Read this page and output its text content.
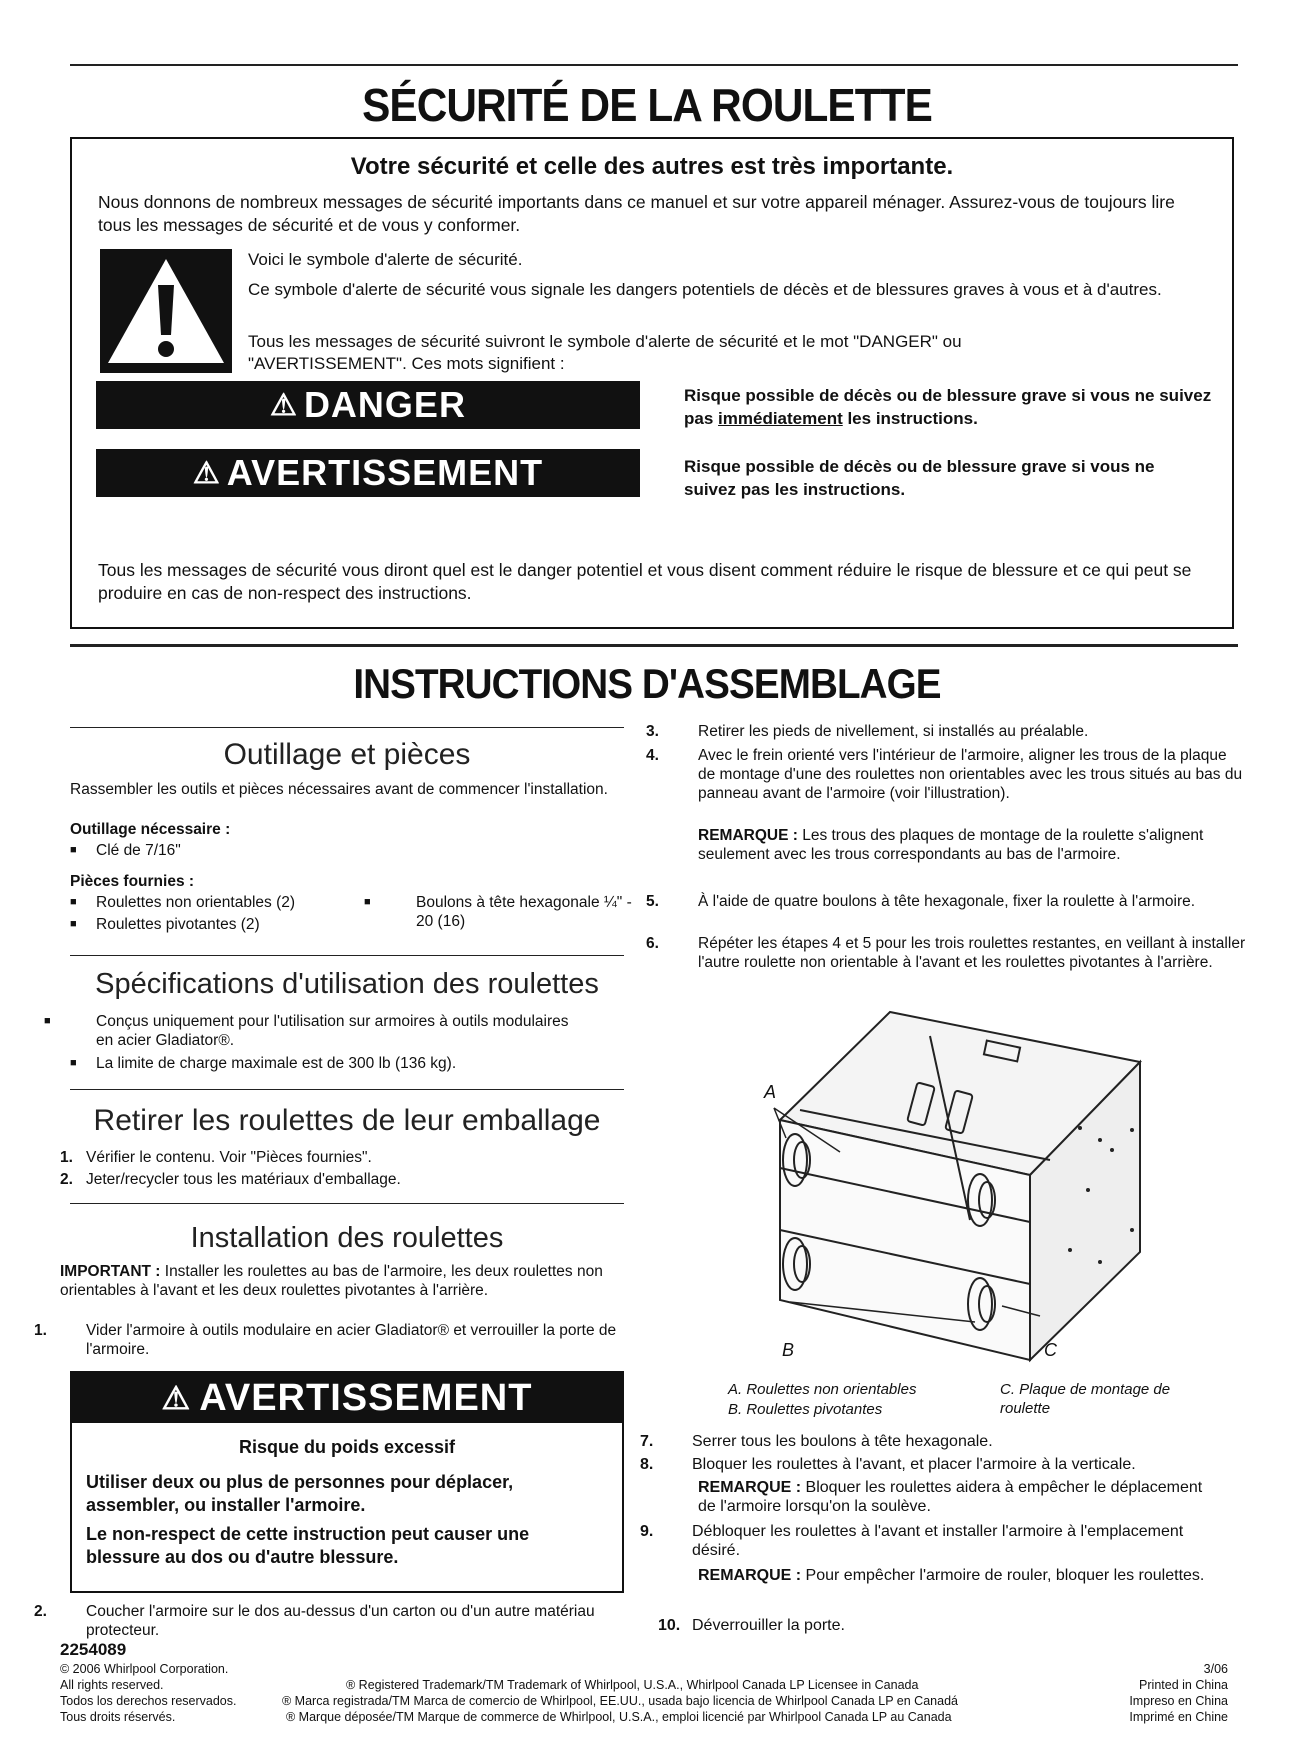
SÉCURITÉ DE LA ROULETTE
Votre sécurité et celle des autres est très importante.
Nous donnons de nombreux messages de sécurité importants dans ce manuel et sur votre appareil ménager. Assurez-vous de toujours lire tous les messages de sécurité et de vous y conformer.
Voici le symbole d'alerte de sécurité.
Ce symbole d'alerte de sécurité vous signale les dangers potentiels de décès et de blessures graves à vous et à d'autres.
Tous les messages de sécurité suivront le symbole d'alerte de sécurité et le mot "DANGER" ou "AVERTISSEMENT". Ces mots signifient :
⚠ DANGER	Risque possible de décès ou de blessure grave si vous ne suivez pas immédiatement les instructions.
⚠ AVERTISSEMENT	Risque possible de décès ou de blessure grave si vous ne suivez pas les instructions.
Tous les messages de sécurité vous diront quel est le danger potentiel et vous disent comment réduire le risque de blessure et ce qui peut se produire en cas de non-respect des instructions.
INSTRUCTIONS D'ASSEMBLAGE
Outillage et pièces
Rassembler les outils et pièces nécessaires avant de commencer l'installation.
Outillage nécessaire :
■ Clé de 7/16"
Pièces fournies :
■ Roulettes non orientables (2)
■ Roulettes pivotantes (2)
■ Boulons à tête hexagonale ¼" - 20 (16)
Spécifications d'utilisation des roulettes
■ Conçus uniquement pour l'utilisation sur armoires à outils modulaires en acier Gladiator®.
■ La limite de charge maximale est de 300 lb (136 kg).
Retirer les roulettes de leur emballage
1. Vérifier le contenu. Voir "Pièces fournies".
2. Jeter/recycler tous les matériaux d'emballage.
Installation des roulettes
IMPORTANT : Installer les roulettes au bas de l'armoire, les deux roulettes non orientables à l'avant et les deux roulettes pivotantes à l'arrière.
1.	Vider l'armoire à outils modulaire en acier Gladiator® et verrouiller la porte de l'armoire.
⚠ AVERTISSEMENT
Risque du poids excessif
Utiliser deux ou plus de personnes pour déplacer, assembler, ou installer l'armoire.
Le non-respect de cette instruction peut causer une blessure au dos ou d'autre blessure.
2.	Coucher l'armoire sur le dos au-dessus d'un carton ou d'un autre matériau protecteur.
3.	Retirer les pieds de nivellement, si installés au préalable.
4.	Avec le frein orienté vers l'intérieur de l'armoire, aligner les trous de la plaque de montage d'une des roulettes non orientables avec les trous situés au bas du panneau avant de l'armoire (voir l'illustration).
REMARQUE : Les trous des plaques de montage de la roulette s'alignent seulement avec les trous correspondants au bas de l'armoire.
5.	À l'aide de quatre boulons à tête hexagonale, fixer la roulette à l'armoire.
6.	Répéter les étapes 4 et 5 pour les trois roulettes restantes, en veillant à installer l'autre roulette non orientable à l'avant et les roulettes pivotantes à l'arrière.
A
B	C
A. Roulettes non orientables
B. Roulettes pivotantes
C. Plaque de montage de roulette
7. Serrer tous les boulons à tête hexagonale.
8. Bloquer les roulettes à l'avant, et placer l'armoire à la verticale.
REMARQUE : Bloquer les roulettes aidera à empêcher le déplacement de l'armoire lorsqu'on la soulève.
9. Débloquer les roulettes à l'avant et installer l'armoire à l'emplacement désiré.
REMARQUE : Pour empêcher l'armoire de rouler, bloquer les roulettes.
10. Déverrouiller la porte.
2254089
© 2006 Whirlpool Corporation.
All rights reserved.
Todos los derechos reservados.
Tous droits réservés.
® Registered Trademark/TM Trademark of Whirlpool, U.S.A., Whirlpool Canada LP Licensee in Canada
® Marca registrada/TM Marca de comercio de Whirlpool, EE.UU., usada bajo licencia de Whirlpool Canada LP en Canadá
® Marque déposée/TM Marque de commerce de Whirlpool, U.S.A., emploi licencié par Whirlpool Canada LP au Canada
3/06
Printed in China
Impreso en China
Imprimé en Chine
